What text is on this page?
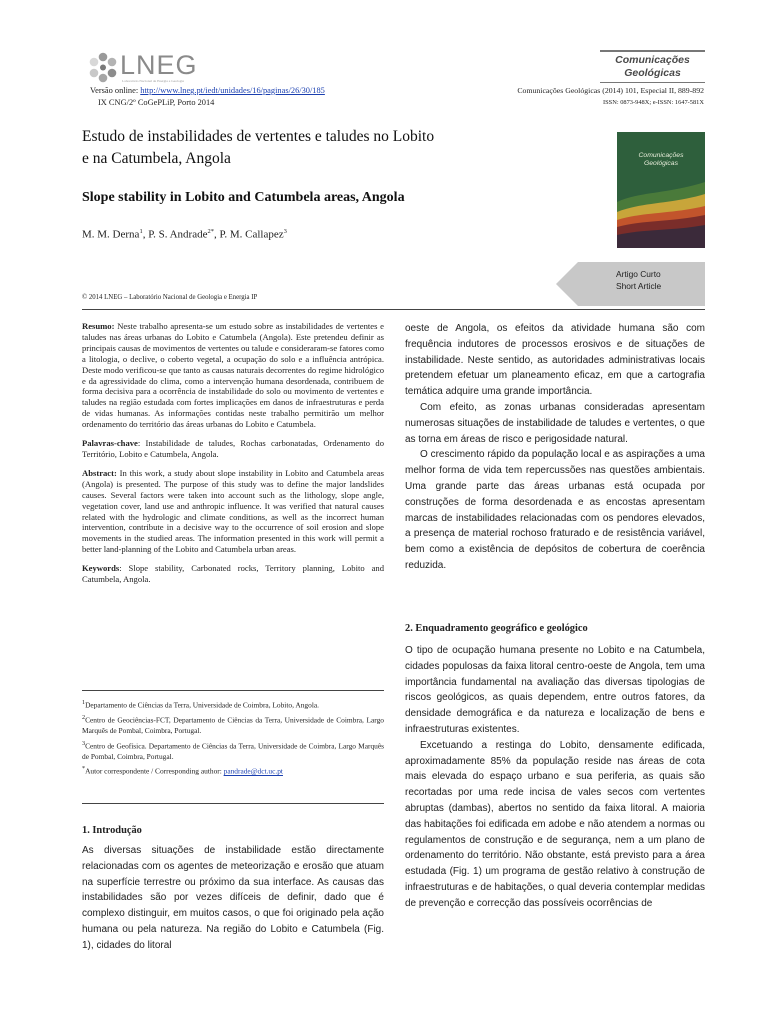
LNEG
Laboratório Nacional de Energia e Geologia
Versão online: http://www.lneg.pt/iedt/unidades/16/paginas/26/30/185
IX CNG/2º CoGePLiP, Porto 2014
Comunicações
Geológicas
Comunicações Geológicas (2014) 101, Especial II, 889-892
ISSN: 0873-948X; e-ISSN: 1647-581X
Estudo de instabilidades de vertentes e taludes no Lobito
e na Catumbela, Angola
Slope stability in Lobito and Catumbela areas, Angola
M. M. Derna$^1$, P. S. Andrade$^{2*}$, P. M. Callapez$^3$
Comunicações
Geológicas
Artigo Curto
Short Article
© 2014 LNEG – Laboratório Nacional de Geologia e Energia IP

Resumo: Neste trabalho apresenta-se um estudo sobre as instabilidades de vertentes e taludes nas áreas urbanas do Lobito e Catumbela (Angola). Este pretendeu definir as principais causas de movimentos de vertentes ou talude e consideraram-se fatores como a litologia, o declive, o coberto vegetal, a ocupação do solo e a influência antrópica. Deste modo verificou-se que tanto as causas naturais decorrentes do regime hidrológico e da agressividade do clima, como a intervenção humana desordenada, contribuem de forma decisiva para a ocorrência de instabilidade do solo ou movimento de vertentes e taludes na região estudada com fortes implicações em danos de infraestruturas e perda de vidas humanas. As informações contidas neste trabalho permitirão um melhor ordenamento do território das áreas urbanas do Lobito e Catumbela.

Palavras-chave: Instabilidade de taludes, Rochas carbonatadas, Ordenamento do Território, Lobito e Catumbela, Angola.

Abstract: In this work, a study about slope instability in Lobito and Catumbela areas (Angola) is presented. The purpose of this study was to define the major landslides causes. Several factors were taken into account such as the lithology, slope angle, vegetation cover, land use and anthropic influence. It was verified that natural causes related with the hydrologic and climate conditions, as well as the incorrect human intervention, contribute in a decisive way to the occurrence of soil erosion and slope movements in the studied areas. The information presented in this work will permit a better land-planning of the Lobito and Catumbela urban areas.

Keywords: Slope stability, Carbonated rocks, Territory planning, Lobito and Catumbela, Angola.

$^1$Departamento de Ciências da Terra, Universidade de Coimbra, Lobito, Angola.

$^2$Centro de Geociências-FCT, Departamento de Ciências da Terra, Universidade de Coimbra, Largo Marquês de Pombal, Coimbra, Portugal.

$^3$Centro de Geofísica. Departamento de Ciências da Terra, Universidade de Coimbra, Largo Marquês de Pombal, Coimbra, Portugal.

*Autor correspondente / Corresponding author: pandrade@dct.uc.pt

1. Introdução

As diversas situações de instabilidade estão directamente relacionadas com os agentes de meteorização e erosão que atuam na superfície terrestre ou próximo da sua interface. As causas das instabilidades são por vezes difíceis de definir, dado que é complexo distinguir, em muitos casos, o que foi originado pela ação humana ou pela natureza. Na região do Lobito e Catumbela (Fig. 1), cidades do litoral

oeste de Angola, os efeitos da atividade humana são com frequência indutores de processos erosivos e de situações de instabilidade. Neste sentido, as autoridades administrativas locais pretendem efetuar um planeamento eficaz, em que a cartografia temática adquire uma grande importância.

Com efeito, as zonas urbanas consideradas apresentam numerosas situações de instabilidade de taludes e vertentes, o que as torna em áreas de risco e perigosidade natural.

O crescimento rápido da população local e as aspirações a uma melhor forma de vida tem repercussões nas questões ambientais. Uma grande parte das áreas urbanas está ocupada por construções de forma desordenada e as encostas apresentam marcas de instabilidades relacionadas com os pendores elevados, a presença de material rochoso fraturado e de resistência variável, bem como a existência de depósitos de cobertura de coerência reduzida.

2. Enquadramento geográfico e geológico

O tipo de ocupação humana presente no Lobito e na Catumbela, cidades populosas da faixa litoral centro-oeste de Angola, tem uma importância fundamental na avaliação das diversas tipologias de riscos geológicos, as quais dependem, entre outros fatores, da densidade demográfica e da natureza e localização de bens e infraestruturas existentes.

Excetuando a restinga do Lobito, densamente edificada, aproximadamente 85% da população reside nas áreas de cota mais elevada do espaço urbano e sua periferia, as quais são recortadas por uma rede incisa de vales secos com vertentes abruptas (dambas), abertos no sentido da faixa litoral. A maioria das habitações foi edificada em adobe e não atendem a normas ou regulamentos de construção e de segurança, nem a um plano de ordenamento do território. Não obstante, está previsto para a área estudada (Fig. 1) um programa de gestão relativo à construção de infraestruturas e de habitações, o qual deveria contemplar medidas de prevenção e correcção das possíveis ocorrências de
